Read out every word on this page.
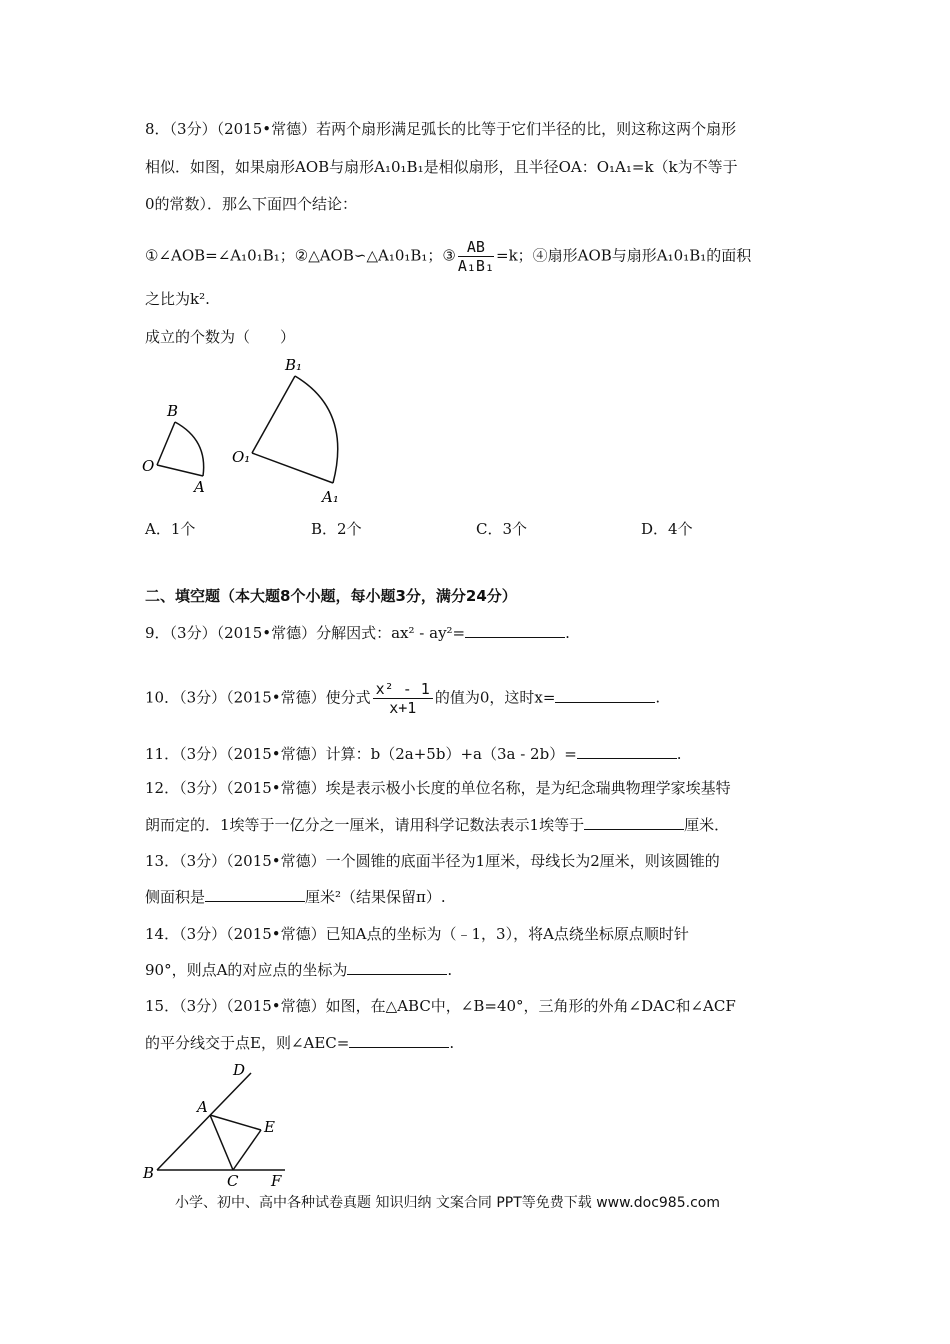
8．（3分）（2015•常德）若两个扇形满足弧长的比等于它们半径的比，则这称这两个扇形
相似．如图，如果扇形AOB与扇形A₁0₁B₁是相似扇形，且半径OA：O₁A₁=k（k为不等于
0的常数）．那么下面四个结论：
①∠AOB=∠A₁0₁B₁；②△AOB∽△A₁0₁B₁；③ $\frac{AB}{\text{A₁B₁}} =k$；④扇形AOB与扇形A₁0₁B₁的面积
之比为k².
成立的个数为（　　）
B
O
A
B₁
O₁
A₁
A．1个	B．2个	C．3个	D．4个
二、填空题（本大题8个小题，每小题3分，满分24分）
9．（3分）（2015•常德）分解因式：ax² - ay²=	.
10．（3分）（2015•常德）使分式 $\frac{\text{x² - 1}}{x+1}$ 的值为0，这时x=	.
11．（3分）（2015•常德）计算：b（2a+5b）+a（3a - 2b）=	.
12．（3分）（2015•常德）埃是表示极小长度的单位名称，是为纪念瑞典物理学家埃基特
朗而定的．1埃等于一亿分之一厘米，请用科学记数法表示1埃等于	厘米．
13．（3分）（2015•常德）一个圆锥的底面半径为1厘米，母线长为2厘米，则该圆锥的
侧面积是	厘米²（结果保留π）.
14．（3分）（2015•常德）已知A点的坐标为（﹣1，3），将A点绕坐标原点顺时针
90°，则点A的对应点的坐标为	.
15．（3分）（2015•常德）如图，在△ABC中，∠B=40°，三角形的外角∠DAC和∠ACF
的平分线交于点E，则∠AEC=	.
D
A
E
B	C F
小学、初中、高中各种试卷真题 知识归纳 文案合同 PPT等免费下载 www.doc985.com
